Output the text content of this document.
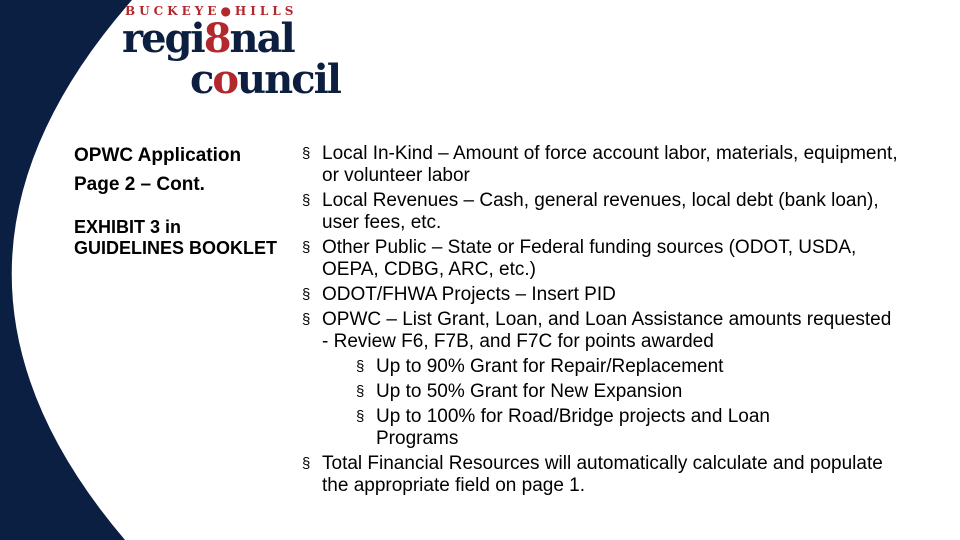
BUCKEYE●HILLS
regi8nal
council
OPWC Application
Page 2 – Cont.
EXHIBIT 3 in GUIDELINES BOOKLET
§ Local In-Kind – Amount of force account labor, materials, equipment, or volunteer labor
§ Local Revenues – Cash, general revenues, local debt (bank loan), user fees, etc.
§ Other Public – State or Federal funding sources (ODOT, USDA, OEPA, CDBG, ARC, etc.)
§ ODOT/FHWA Projects – Insert PID
§ OPWC – List Grant, Loan, and Loan Assistance amounts requested - Review F6, F7B, and F7C for points awarded
§ Up to 90% Grant for Repair/Replacement
§ Up to 50% Grant for New Expansion
§ Up to 100% for Road/Bridge projects and Loan Programs
§ Total Financial Resources will automatically calculate and populate the appropriate field on page 1.
